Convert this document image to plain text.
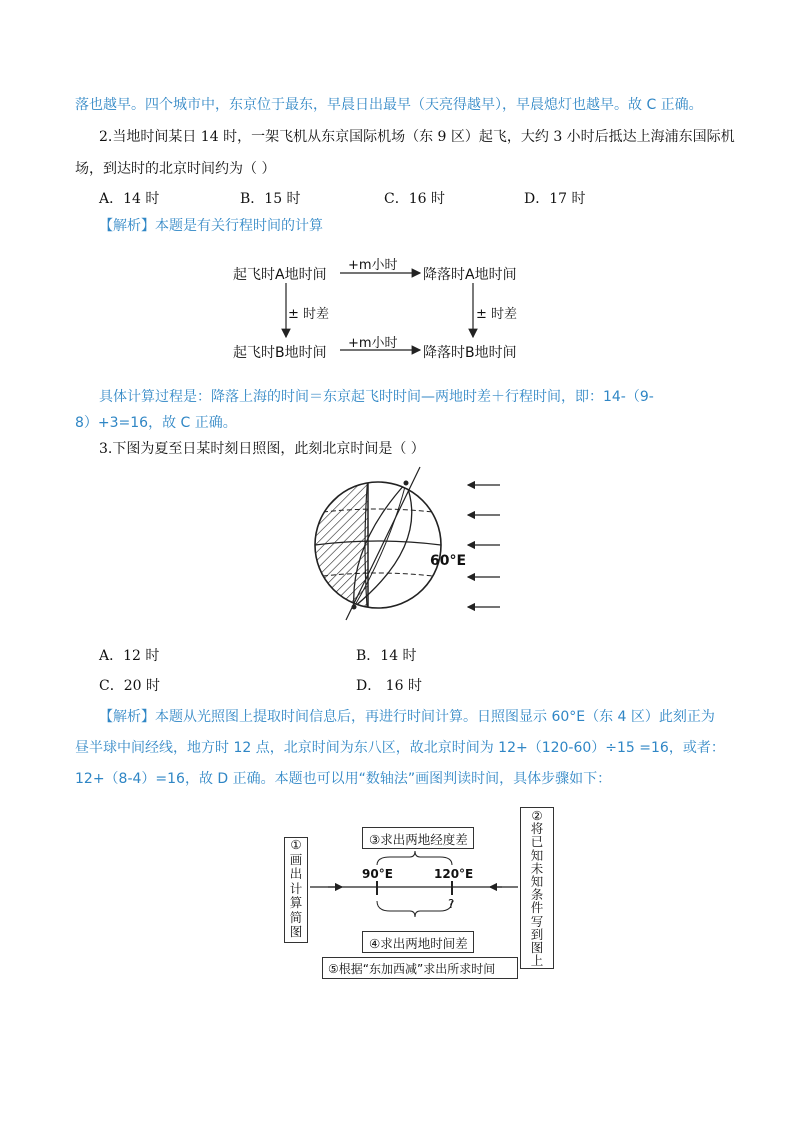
落也越早。四个城市中，东京位于最东，早晨日出最早（天亮得越早），早晨熄灯也越早。故 C 正确。
2.当地时间某日 14 时，一架飞机从东京国际机场（东 9 区）起飞，大约 3 小时后抵达上海浦东国际机
场，到达时的北京时间约为（ ）
A．14 时	B．15 时	C．16 时	D．17 时
【解析】本题是有关行程时间的计算
起飞时A地时间	降落时A地时间
起飞时B地时间	降落时B地时间
+m小时
+m小时
± 时差	± 时差
具体计算过程是：降落上海的时间＝东京起飞时时间—两地时差＋行程时间，即：14-（9-
8）+3=16，故 C 正确。
3.下图为夏至日某时刻日照图，此刻北京时间是（ ）
60°E
A．12 时	B．14 时
C．20 时	D． 16 时
【解析】本题从光照图上提取时间信息后，再进行时间计算。日照图显示 60°E（东 4 区）此刻正为
昼半球中间经线，地方时 12 点，北京时间为东八区，故北京时间为 12+（120-60）÷15 =16，或者：
12+（8-4）=16，故 D 正确。本题也可以用“数轴法”画图判读时间，具体步骤如下：
①
画
出
计
算
简
图
②
将
已
知
未
知
条
件
写
到
图
上
③求出两地经度差
④求出两地时间差
⑤根据“东加西减”求出所求时间
90°E	120°E
?
